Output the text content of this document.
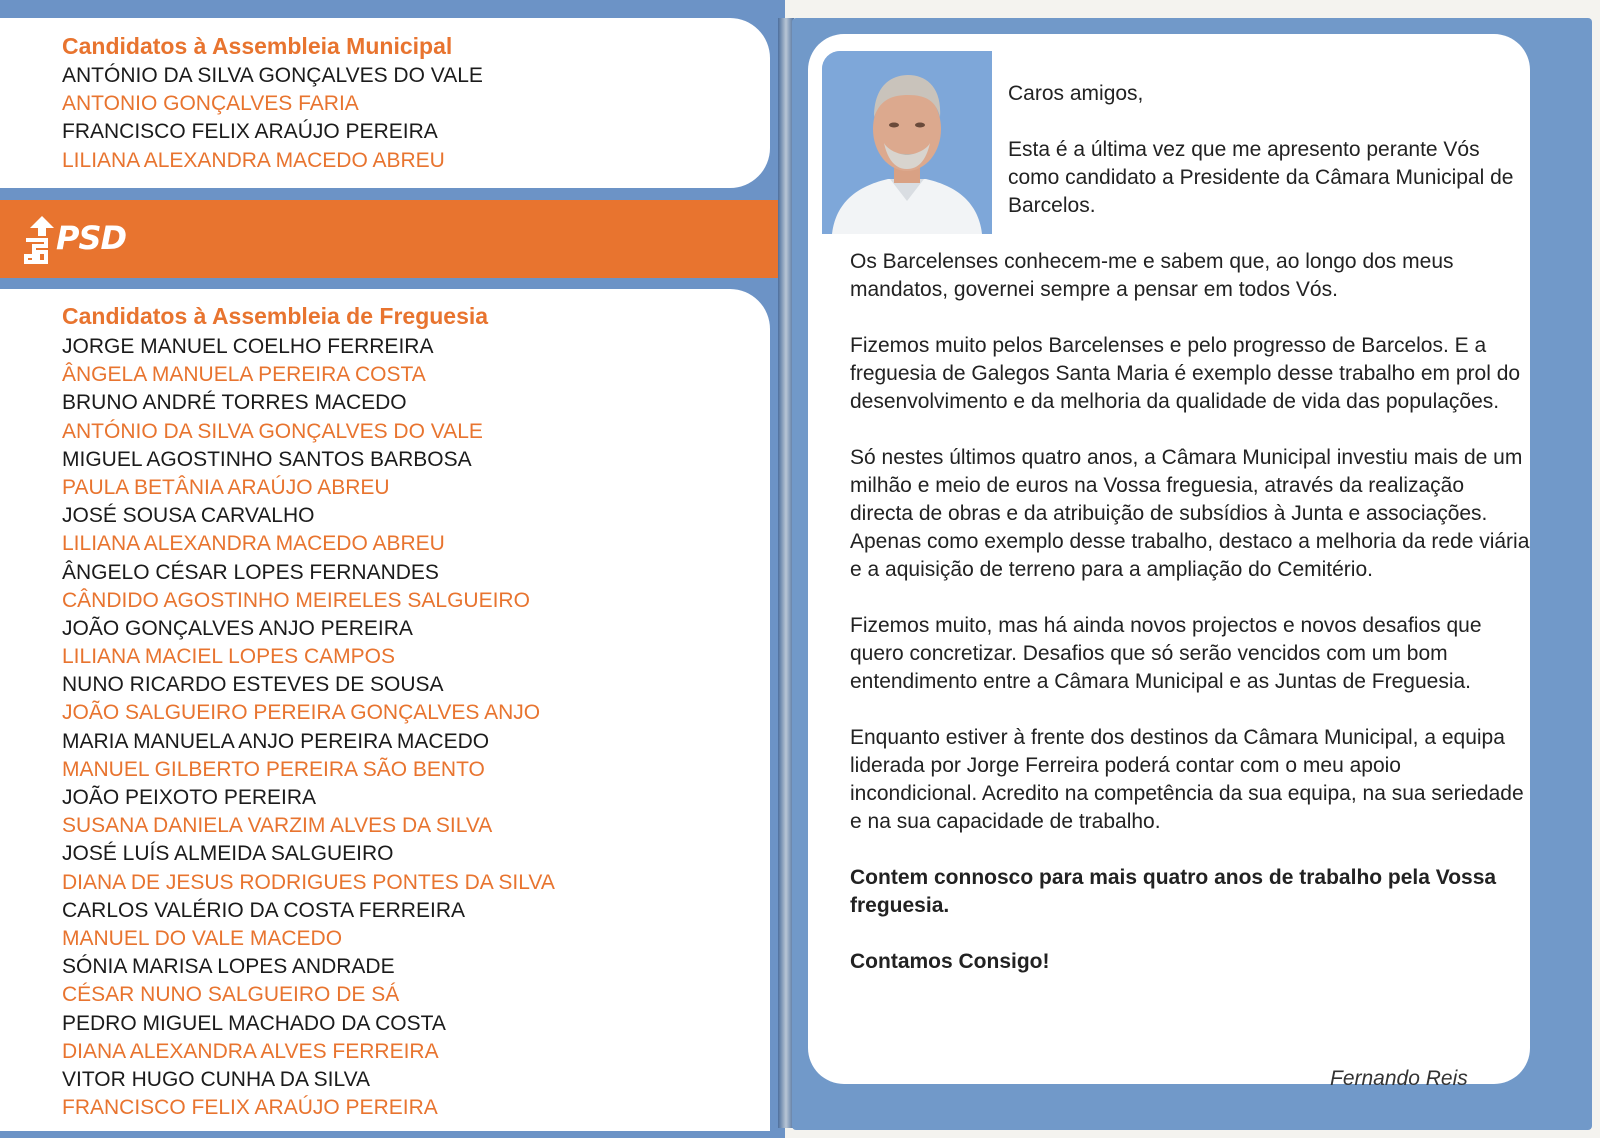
Candidatos à Assembleia Municipal
ANTÓNIO DA SILVA GONÇALVES DO VALE
ANTONIO GONÇALVES FARIA
FRANCISCO FELIX ARAÚJO PEREIRA
LILIANA ALEXANDRA MACEDO ABREU
PSD
Candidatos à Assembleia de Freguesia
JORGE MANUEL COELHO FERREIRA
ÂNGELA MANUELA PEREIRA COSTA
BRUNO ANDRÉ TORRES MACEDO
ANTÓNIO DA SILVA GONÇALVES DO VALE
MIGUEL AGOSTINHO SANTOS BARBOSA
PAULA BETÂNIA ARAÚJO ABREU
JOSÉ SOUSA CARVALHO
LILIANA ALEXANDRA MACEDO ABREU
ÂNGELO CÉSAR LOPES FERNANDES
CÂNDIDO AGOSTINHO MEIRELES SALGUEIRO
JOÃO GONÇALVES ANJO PEREIRA
LILIANA MACIEL LOPES CAMPOS
NUNO RICARDO ESTEVES DE SOUSA
JOÃO SALGUEIRO PEREIRA GONÇALVES ANJO
MARIA MANUELA ANJO PEREIRA MACEDO
MANUEL GILBERTO PEREIRA SÃO BENTO
JOÃO PEIXOTO PEREIRA
SUSANA DANIELA VARZIM ALVES DA SILVA
JOSÉ LUÍS ALMEIDA SALGUEIRO
DIANA DE JESUS RODRIGUES PONTES DA SILVA
CARLOS VALÉRIO DA COSTA FERREIRA
MANUEL DO VALE MACEDO
SÓNIA MARISA LOPES ANDRADE
CÉSAR NUNO SALGUEIRO DE SÁ
PEDRO MIGUEL MACHADO DA COSTA
DIANA ALEXANDRA ALVES FERREIRA
VITOR HUGO CUNHA DA SILVA
FRANCISCO FELIX ARAÚJO PEREIRA

Caros amigos,

Esta é a última vez que me apresento perante Vós como candidato a Presidente da Câmara Municipal de Barcelos.

Os Barcelenses conhecem-me e sabem que, ao longo dos meus mandatos, governei sempre a pensar em todos Vós.

Fizemos muito pelos Barcelenses e pelo progresso de Barcelos. E a freguesia de Galegos Santa Maria é exemplo desse trabalho em prol do desenvolvimento e da melhoria da qualidade de vida das populações.

Só nestes últimos quatro anos, a Câmara Municipal investiu mais de um milhão e meio de euros na Vossa freguesia, através da realização directa de obras e da atribuição de subsídios à Junta e associações. Apenas como exemplo desse trabalho, destaco a melhoria da rede viária e a aquisição de terreno para a ampliação do Cemitério.

Fizemos muito, mas há ainda novos projectos e novos desafios que quero concretizar. Desafios que só serão vencidos com um bom entendimento entre a Câmara Municipal e as Juntas de Freguesia.

Enquanto estiver à frente dos destinos da Câmara Municipal, a equipa liderada por Jorge Ferreira poderá contar com o meu apoio incondicional. Acredito na competência da sua equipa, na sua seriedade e na sua capacidade de trabalho.

Contem connosco para mais quatro anos de trabalho pela Vossa freguesia.

Contamos Consigo!

Fernando Reis
